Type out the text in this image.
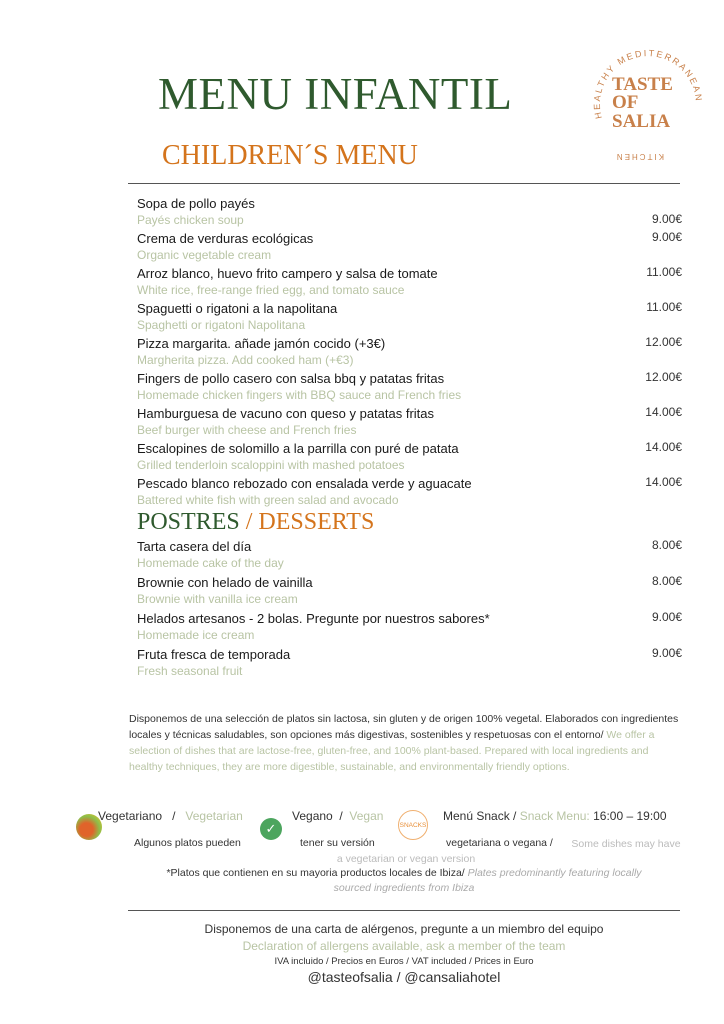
MENU INFANTIL
CHILDREN´S MENU
HEALTHY MEDITERRANEAN
KITCHEN
TASTE
OF
SALIA
Sopa de pollo payés
Payés chicken soup	9.00€
Crema de verduras ecológicas
Organic vegetable cream
9.00€
Arroz blanco, huevo frito campero y salsa de tomate
White rice, free-range fried egg, and tomato sauce
11.00€
Spaguetti o rigatoni a la napolitana
Spaghetti or rigatoni Napolitana
11.00€
Pizza margarita. añade jamón cocido (+3€)
Margherita pizza. Add cooked ham (+€3)
12.00€
Fingers de pollo casero con salsa bbq y patatas fritas
Homemade chicken fingers with BBQ sauce and French fries
12.00€
Hamburguesa de vacuno con queso y patatas fritas
Beef burger with cheese and French fries
14.00€
Escalopines de solomillo a la parrilla con puré de patata
Grilled tenderloin scaloppini with mashed potatoes
14.00€
Pescado blanco rebozado con ensalada verde y aguacate
Battered white fish with green salad and avocado
14.00€
POSTRES / DESSERTS
Tarta casera del día
Homemade cake of the day
8.00€
Brownie con helado de vainilla
Brownie with vanilla ice cream
8.00€
Helados artesanos - 2 bolas. Pregunte por nuestros sabores*
Homemade ice cream
9.00€
Fruta fresca de temporada
Fresh seasonal fruit
9.00€
Disponemos de una selección de platos sin lactosa, sin gluten y de origen 100% vegetal. Elaborados con ingredientes locales y técnicas saludables, son opciones más digestivas, sostenibles y respetuosas con el entorno/ We offer a selection of dishes that are lactose-free, gluten-free, and 100% plant-based. Prepared with local ingredients and healthy techniques, they are more digestible, sustainable, and environmentally friendly options.
Vegetariano   /   Vegetarian
✓
Vegano  /  Vegan
SNACKS
Menú Snack / Snack Menu: 16:00 – 19:00
Algunos platos pueden	tener su versión	vegetariana o vegana /	Some dishes may have a vegetarian or vegan version
*Platos que contienen en su mayoria productos locales de Ibiza/ Plates predominantly featuring locally sourced ingredients from Ibiza
Disponemos de una carta de alérgenos, pregunte a un miembro del equipo
Declaration of allergens available, ask a member of the team
IVA incluido / Precios en Euros / VAT included / Prices in Euro
@tasteofsalia / @cansaliahotel
